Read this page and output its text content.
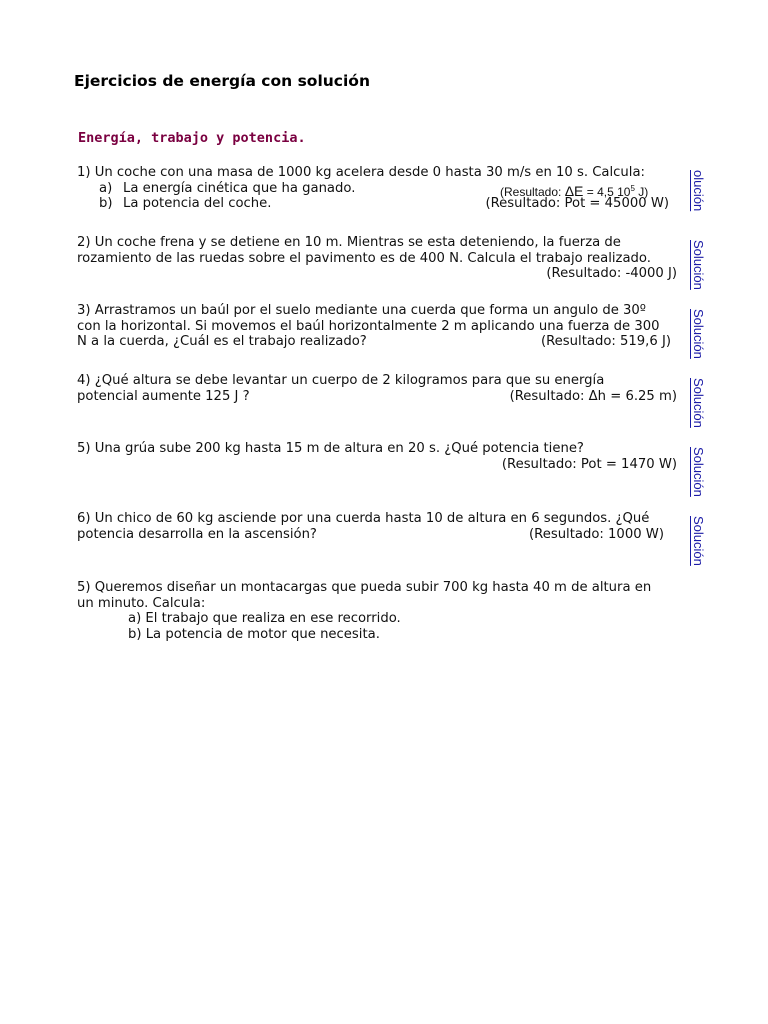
Ejercicios de energía con solución
Energía, trabajo y potencia.
1) Un coche con una masa de 1000 kg acelera desde 0 hasta 30 m/s en 10 s. Calcula:
a) La energía cinética que ha ganado.	(Resultado: ΔE = 4,5 $10^5$ J)
b) La potencia del coche.	(Resultado: Pot = 45000 W)	olución
2) Un coche frena y se detiene en 10 m. Mientras se esta deteniendo, la fuerza de
rozamiento de las ruedas sobre el pavimento es de 400 N. Calcula el trabajo realizado.
(Resultado: -4000 J)	Solución
3) Arrastramos un baúl por el suelo mediante una cuerda que forma un angulo de 30º
con la horizontal. Si movemos el baúl horizontalmente 2 m aplicando una fuerza de 300
N a la cuerda, ¿Cuál es el trabajo realizado?	(Resultado: 519,6 J)	Solución
4) ¿Qué altura se debe levantar un cuerpo de 2 kilogramos para que su energía
potencial aumente 125 J ?	(Resultado: Δh = 6.25 m)	Solución
5) Una grúa sube 200 kg hasta 15 m de altura en 20 s. ¿Qué potencia tiene?
(Resultado: Pot = 1470 W)	Solución
6) Un chico de 60 kg asciende por una cuerda hasta 10 de altura en 6 segundos. ¿Qué
potencia desarrolla en la ascensión?	(Resultado: 1000 W)	Solución
5) Queremos diseñar un montacargas que pueda subir 700 kg hasta 40 m de altura en
un minuto. Calcula:
a) El trabajo que realiza en ese recorrido.
b) La potencia de motor que necesita.
